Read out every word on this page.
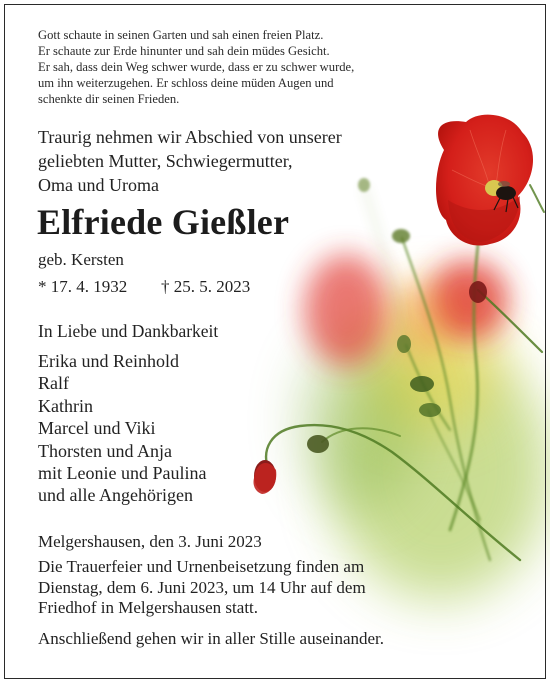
Gott schaute in seinen Garten und sah einen freien Platz.
Er schaute zur Erde hinunter und sah dein müdes Gesicht.
Er sah, dass dein Weg schwer wurde, dass er zu schwer wurde,
um ihn weiterzugehen. Er schloss deine müden Augen und
schenkte dir seinen Frieden.
Traurig nehmen wir Abschied von unserer
geliebten Mutter, Schwiegermutter,
Oma und Uroma
Elfriede Gießler
geb. Kersten
* 17. 4. 1932 † 25. 5. 2023
In Liebe und Dankbarkeit
Erika und Reinhold
Ralf
Kathrin
Marcel und Viki
Thorsten und Anja
mit Leonie und Paulina
und alle Angehörigen
Melgershausen, den 3. Juni 2023
Die Trauerfeier und Urnenbeisetzung finden am
Dienstag, dem 6. Juni 2023, um 14 Uhr auf dem
Friedhof in Melgershausen statt.
Anschließend gehen wir in aller Stille auseinander.
